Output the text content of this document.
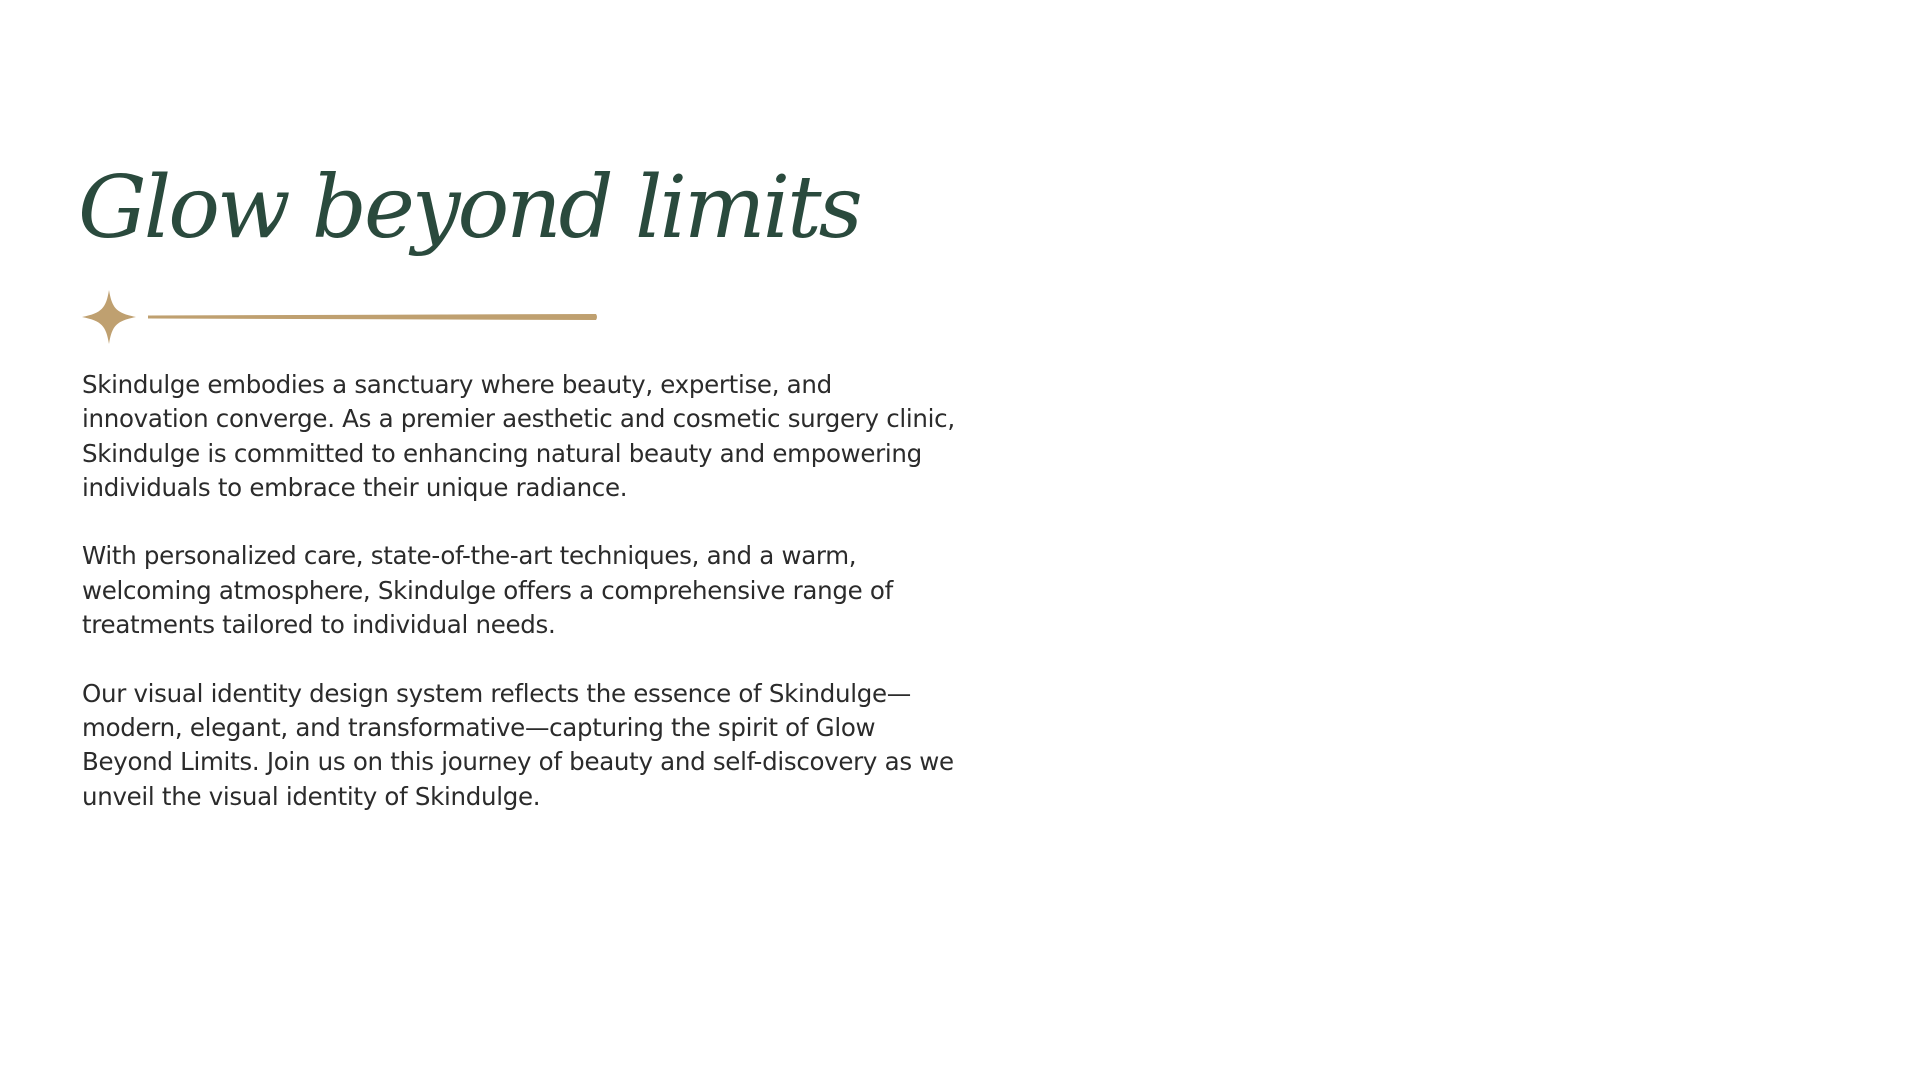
Glow beyond limits

Skindulge embodies a sanctuary where beauty, expertise, and innovation converge. As a premier aesthetic and cosmetic surgery clinic, Skindulge is committed to enhancing natural beauty and empowering individuals to embrace their unique radiance.

With personalized care, state-of-the-art techniques, and a warm, welcoming atmosphere, Skindulge offers a comprehensive range of treatments tailored to individual needs.

Our visual identity design system reflects the essence of Skindulge—modern, elegant, and transformative—capturing the spirit of Glow Beyond Limits. Join us on this journey of beauty and self-discovery as we unveil the visual identity of Skindulge.
